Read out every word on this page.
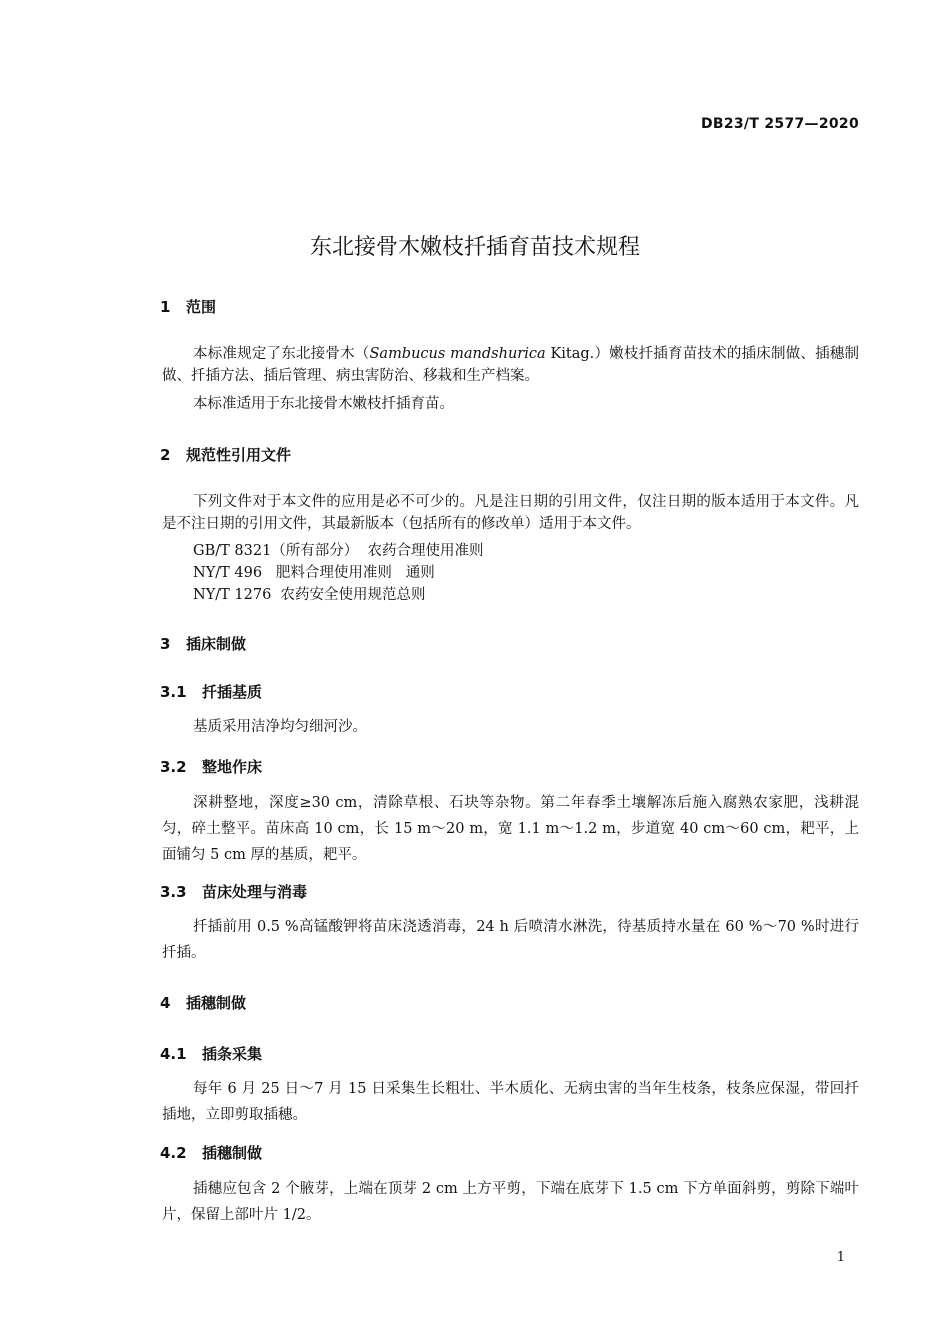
DB23/T 2577—2020
东北接骨木嫩枝扦插育苗技术规程
1 范围

本标准规定了东北接骨木（Sambucus mandshurica Kitag.）嫩枝扦插育苗技术的插床制做、插穗制做、扦插方法、插后管理、病虫害防治、移栽和生产档案。

本标准适用于东北接骨木嫩枝扦插育苗。

2 规范性引用文件

下列文件对于本文件的应用是必不可少的。凡是注日期的引用文件，仅注日期的版本适用于本文件。凡是不注日期的引用文件，其最新版本（包括所有的修改单）适用于本文件。

GB/T 8321（所有部分）  农药合理使用准则
NY/T 496   肥料合理使用准则   通则
NY/T 1276  农药安全使用规范总则
3 插床制做
3.1 扦插基质

基质采用洁净均匀细河沙。

3.2 整地作床

深耕整地，深度≥30 cm，清除草根、石块等杂物。第二年春季土壤解冻后施入腐熟农家肥，浅耕混匀，碎土整平。苗床高 10 cm，长 15 m～20 m，宽 1.1 m～1.2 m，步道宽 40 cm～60 cm，耙平，上面铺匀 5 cm 厚的基质，耙平。

3.3 苗床处理与消毒

扦插前用 0.5 %高锰酸钾将苗床浇透消毒，24 h 后喷清水淋洗，待基质持水量在 60 %～70 %时进行扦插。

4 插穗制做
4.1 插条采集

每年 6 月 25 日～7 月 15 日采集生长粗壮、半木质化、无病虫害的当年生枝条，枝条应保湿，带回扦插地，立即剪取插穗。

4.2 插穗制做

插穗应包含 2 个腋芽，上端在顶芽 2 cm 上方平剪，下端在底芽下 1.5 cm 下方单面斜剪，剪除下端叶片，保留上部叶片 1/2。

1
